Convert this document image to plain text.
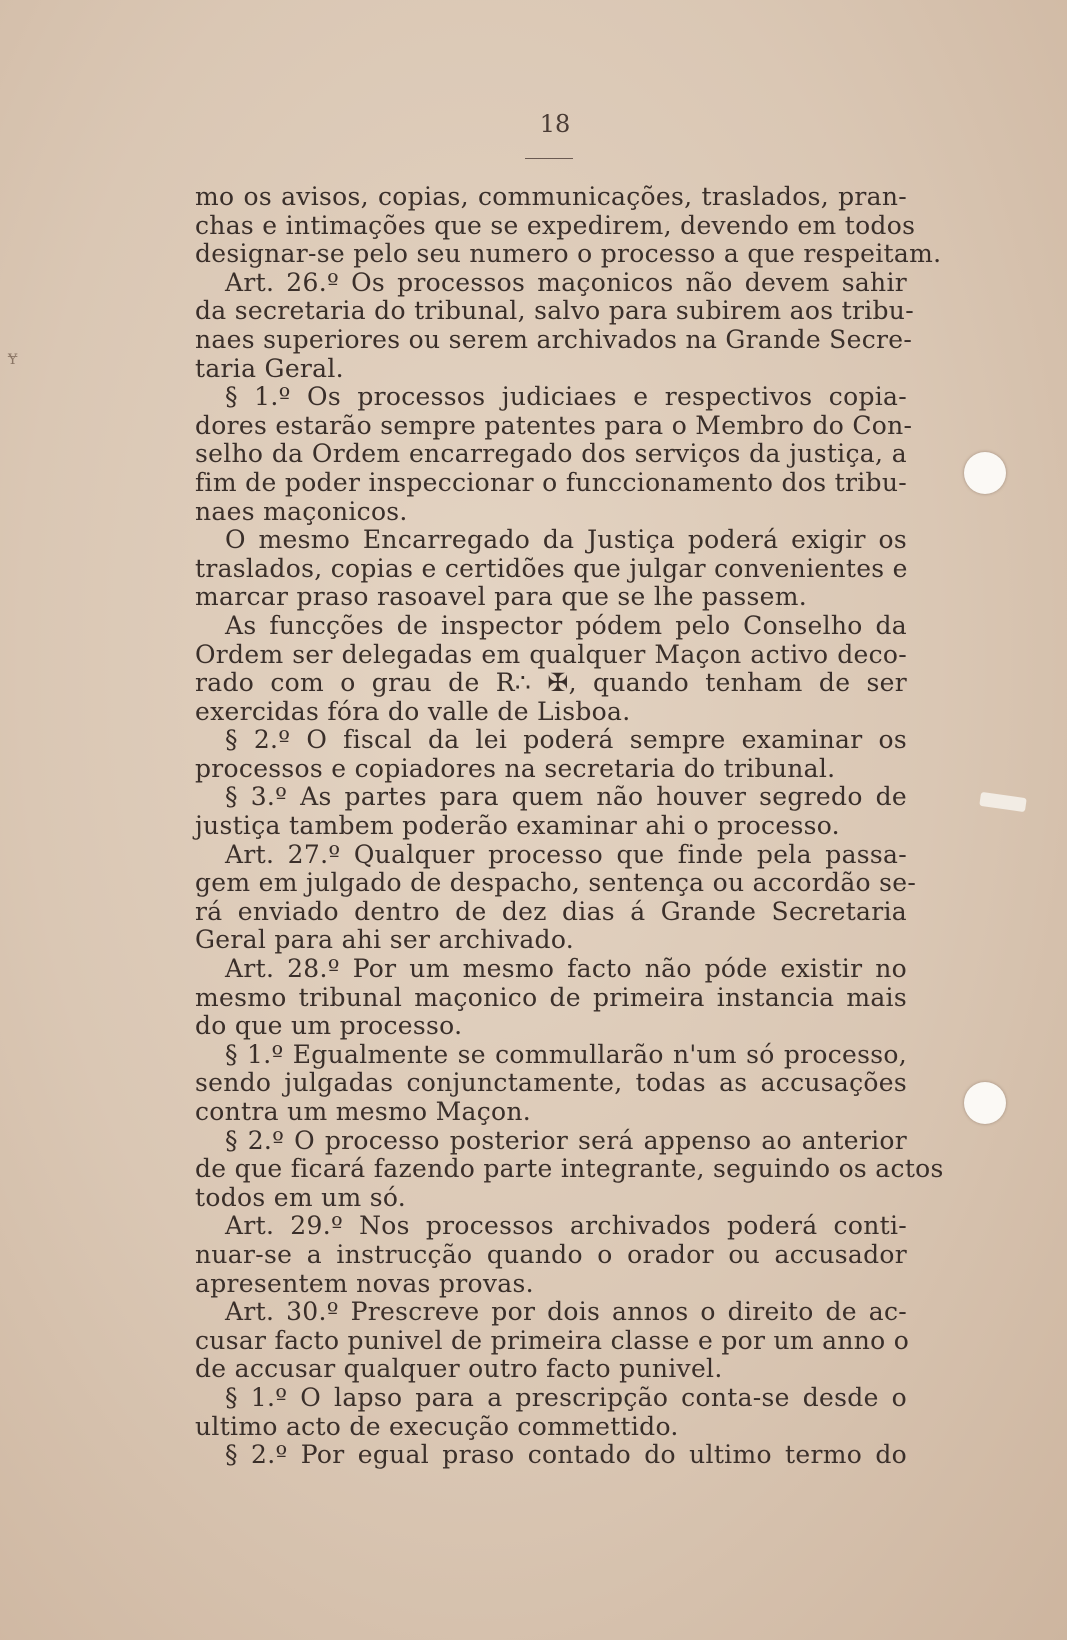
18
Ɏ
mo os avisos, copias, communicações, traslados, pran-
chas e intimações que se expedirem, devendo em todos
designar-se pelo seu numero o processo a que respeitam.
Art. 26.º Os processos maçonicos não devem sahir
da secretaria do tribunal, salvo para subirem aos tribu-
naes superiores ou serem archivados na Grande Secre-
taria Geral.
§ 1.º Os processos judiciaes e respectivos copia-
dores estarão sempre patentes para o Membro do Con-
selho da Ordem encarregado dos serviços da justiça, a
fim de poder inspeccionar o funccionamento dos tribu-
naes maçonicos.
O mesmo Encarregado da Justiça poderá exigir os
traslados, copias e certidões que julgar convenientes e
marcar praso rasoavel para que se lhe passem.
As funcções de inspector pódem pelo Conselho da
Ordem ser delegadas em qualquer Maçon activo deco-
rado com o grau de R∴ ✠, quando tenham de ser
exercidas fóra do valle de Lisboa.
§ 2.º O fiscal da lei poderá sempre examinar os
processos e copiadores na secretaria do tribunal.
§ 3.º As partes para quem não houver segredo de
justiça tambem poderão examinar ahi o processo.
Art. 27.º Qualquer processo que finde pela passa-
gem em julgado de despacho, sentença ou accordão se-
rá enviado dentro de dez dias á Grande Secretaria
Geral para ahi ser archivado.
Art. 28.º Por um mesmo facto não póde existir no
mesmo tribunal maçonico de primeira instancia mais
do que um processo.
§ 1.º Egualmente se commullarão n'um só processo,
sendo julgadas conjunctamente, todas as accusações
contra um mesmo Maçon.
§ 2.º O processo posterior será appenso ao anterior
de que ficará fazendo parte integrante, seguindo os actos
todos em um só.
Art. 29.º Nos processos archivados poderá conti-
nuar-se a instrucção quando o orador ou accusador
apresentem novas provas.
Art. 30.º Prescreve por dois annos o direito de ac-
cusar facto punivel de primeira classe e por um anno o
de accusar qualquer outro facto punivel.
§ 1.º O lapso para a prescripção conta-se desde o
ultimo acto de execução commettido.
§ 2.º Por egual praso contado do ultimo termo do
